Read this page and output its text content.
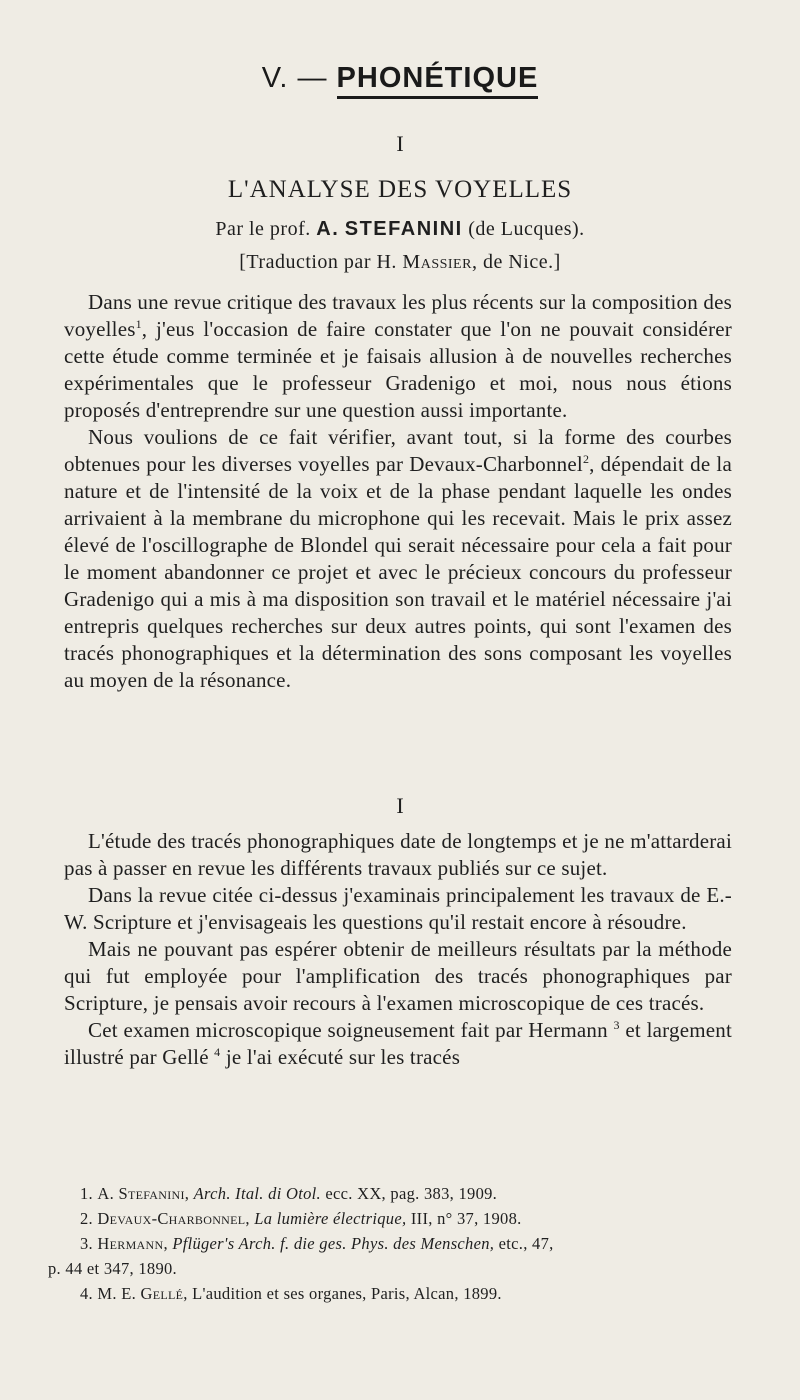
V. — PHONÉTIQUE
I
L'ANALYSE DES VOYELLES
Par le prof. A. STEFANINI (de Lucques).
[Traduction par H. Massier, de Nice.]

Dans une revue critique des travaux les plus récents sur la composition des voyelles$^1$, j'eus l'occasion de faire constater que l'on ne pouvait considérer cette étude comme terminée et je faisais allusion à de nouvelles recherches expérimentales que le professeur Gradenigo et moi, nous nous étions proposés d'entreprendre sur une question aussi importante.

Nous voulions de ce fait vérifier, avant tout, si la forme des courbes obtenues pour les diverses voyelles par Devaux-Charbonnel$^2$, dépendait de la nature et de l'intensité de la voix et de la phase pendant laquelle les ondes arrivaient à la membrane du microphone qui les recevait. Mais le prix assez élevé de l'oscillographe de Blondel qui serait nécessaire pour cela a fait pour le moment abandonner ce projet et avec le précieux concours du professeur Gradenigo qui a mis à ma disposition son travail et le matériel nécessaire j'ai entrepris quelques recherches sur deux autres points, qui sont l'examen des tracés phonographiques et la détermination des sons composant les voyelles au moyen de la résonance.

I

L'étude des tracés phonographiques date de longtemps et je ne m'attarderai pas à passer en revue les différents travaux publiés sur ce sujet.

Dans la revue citée ci-dessus j'examinais principalement les travaux de E.-W. Scripture et j'envisageais les questions qu'il restait encore à résoudre.

Mais ne pouvant pas espérer obtenir de meilleurs résultats par la méthode qui fut employée pour l'amplification des tracés phonographiques par Scripture, je pensais avoir recours à l'examen microscopique de ces tracés.

Cet examen microscopique soigneusement fait par Hermann $^3$ et largement illustré par Gellé $^4$ je l'ai exécuté sur les tracés

1. A. Stefanini, Arch. Ital. di Otol. ecc. XX, pag. 383, 1909.
2. Devaux-Charbonnel, La lumière électrique, III, n° 37, 1908.
3. Hermann, Pflüger's Arch. f. die ges. Phys. des Menschen, etc., 47,
p. 44 et 347, 1890.
4. M. E. Gellé, L'audition et ses organes, Paris, Alcan, 1899.
